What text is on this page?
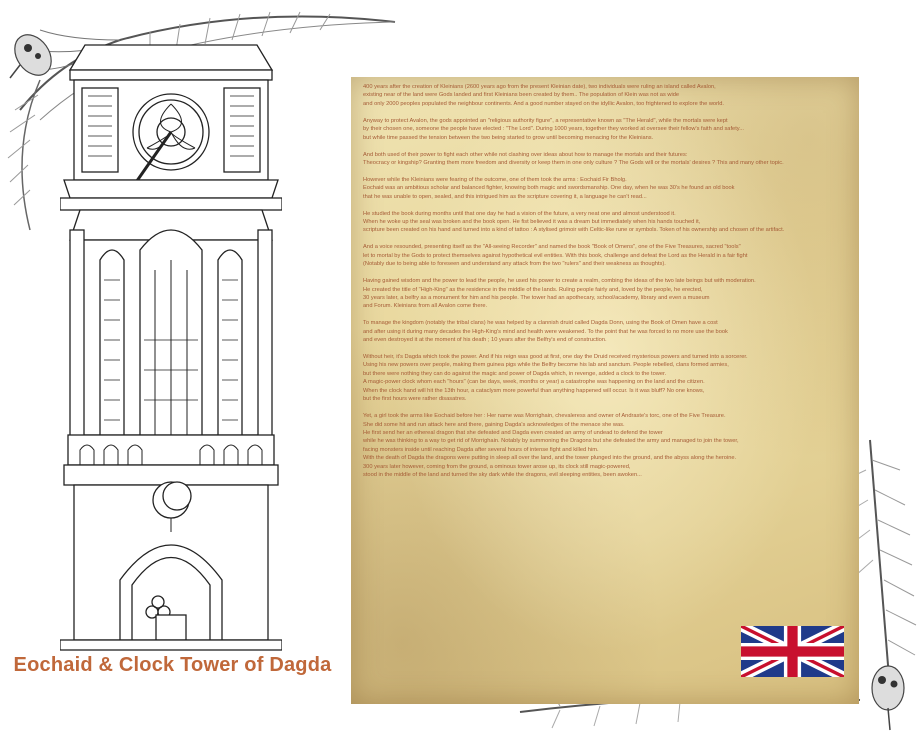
Eochaid & Clock Tower of Dagda
400 years after the creation of Kleinians (2600 years ago from the present Kleinian date), two individuals were ruling an island called Avalon,
existing near of the land were Gods landed and first Kleinians been created by them.. The population of Klein was not as wide
and only 2000 peoples populated the neighbour continents. And a good number stayed on the idyllic Avalon, too frightened to explore the world.
Anyway to protect Avalon, the gods appointed an "religious authority figure", a representative known as "The Herald", while the mortals were kept
by their chosen one, someone the people have elected : "The Lord". During 1000 years, together they worked at oversee their fellow's faith and safety...
but while time passed the tension between the two being started to grow until becoming menacing for the Kleinians.
And both used of their power to fight each other while not clashing over ideas about how to manage the mortals and their futures:
Theocracy or kingship? Granting them more freedom and diversity or keep them in one only culture ? The Gods will or the mortals' desires ? This and many other topic.
However while the Kleinians were fearing of the outcome, one of them took the arms : Eochaid Fir Bholg.
Eochaid was an ambitious scholar and balanced fighter, knowing both magic and swordsmanship. One day, when he was 30's he found an old book
that he was unable to open, sealed, and this intrigued him as the scripture covering it, a language he can't read...
He studied the book during months until that one day he had a vision of the future, a very neat one and almost understood it.
When he woke up the seal was broken and the book open. He fist believed it was a dream but immediately when his hands touched it,
scripture been created on his hand and turned into a kind of tattoo : A stylised grimoir with Celtic-like rune or symbols. Token of his ownership and chosen of the artifact.
And a voice resounded, presenting itself as the "All-seeing Recorder" and named the book "Book of Omens", one of the Five Treasures, sacred "tools"
let to mortal by the Gods to protect themselves against hypothetical evil entities. With this book, challenge and defeat the Lord as the Herald in a fair fight
(Notably due to being able to foreseen and understand any attack from the two "rulers" and their weakness as thoughts).
Having gained wisdom and the power to lead the people, he used his power to create a realm, combing the ideas of the two late beings but with moderation.
He created the title of "High-King" as the residence in the middle of the lands. Ruling people fairly and, loved by the people, he erected,
30 years later, a belfry as a monument for him and his people. The tower had an apothecary, school/academy, library and even a museum
and Forum. Kleinians from all Avalon come there.
To manage the kingdom (notably the tribal clans) he was helped by a clannish druid called Dagda Donn, using the Book of Omen have a cost
and after using it during many decades the High-King's mind and health were weakened. To the point that he was forced to no more use the book
and even destroyed it at the moment of his death ; 10 years after the Belfry's end of construction.
Without heir, it's Dagda which took the power. And if his reign was good at first, one day the Druid received mysterious powers and turned into a sorcerer.
Using his new powers over people, making them guinea pigs while the Belfry become his lab and sanctum. People rebelled, clans formed armies,
but there were nothing they can do against the magic and power of Dagda which, in revenge, added a clock to the tower.
A magic-power clock whom each "hours" (can be days, week, months or year) a catastrophe was happening on the land and the citizen.
When the clock hand will hit the 13th hour, a cataclysm more powerful than anything happened will occur. Is it was bluff? No one knows,
but the first hours were rather disasatres.
Yet, a girl took the arms like Eochaid before her : Her name was Morrighain, chevaleress and owner of Andraste's torc, one of the Five Treasure.
She did some hit and run attack here and there, gaining Dagda's acknowledges of the menace she was.
He first send her an ethereal dragon that she defeated and Dagda even created an army of undead to defend the tower
while he was thinking to a way to get rid of Morrighain. Notably by summoning the Dragons but she defeated the army and managed to join the tower,
facing monsters inside until reaching Dagda after several hours of intense fight and killed him.
With the death of Dagda the dragons were putting in sleep all over the land, and the tower plunged into the ground, and the abyss along the heroine.
300 years later however, coming from the ground, a ominous tower arose up, its clock still magic-powered,
stood in the middle of the land and turned the sky dark while the dragons, evil sleeping entities, been awoken...
